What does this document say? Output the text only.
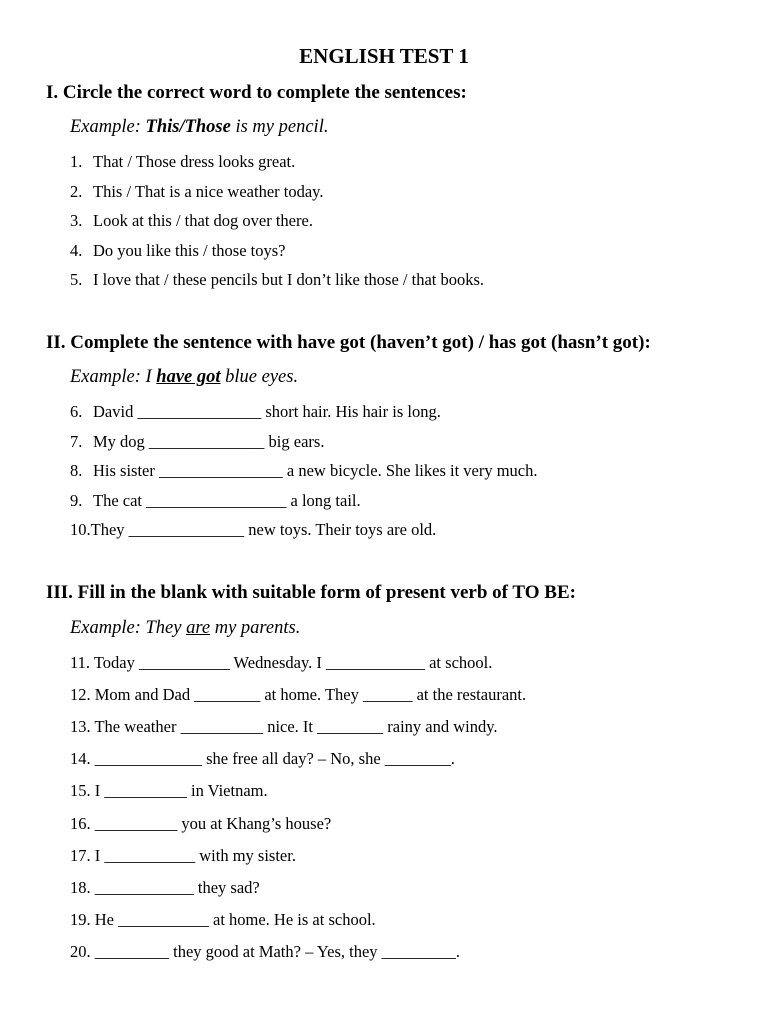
ENGLISH TEST 1
I. Circle the correct word to complete the sentences:
Example: This/Those is my pencil.
1. That / Those dress looks great.
2. This / That is a nice weather today.
3. Look at this / that dog over there.
4. Do you like this / those toys?
5. I love that / these pencils but I don’t like those / that books.
II. Complete the sentence with have got (haven’t got) / has got (hasn’t got):
Example: I have got blue eyes.
6. David _______________ short hair. His hair is long.
7. My dog ______________ big ears.
8. His sister _______________ a new bicycle. She likes it very much.
9. The cat _________________ a long tail.
10.They ______________ new toys. Their toys are old.
III. Fill in the blank with suitable form of present verb of TO BE:
Example: They are my parents.
11. Today ___________ Wednesday. I ____________ at school.
12. Mom and Dad ________ at home. They ______ at the restaurant.
13. The weather __________ nice. It ________ rainy and windy.
14. _____________ she free all day? – No, she ________.
15. I __________ in Vietnam.
16. __________ you at Khang’s house?
17. I ___________ with my sister.
18. ____________ they sad?
19. He ___________ at home. He is at school.
20. _________ they good at Math? – Yes, they _________.
